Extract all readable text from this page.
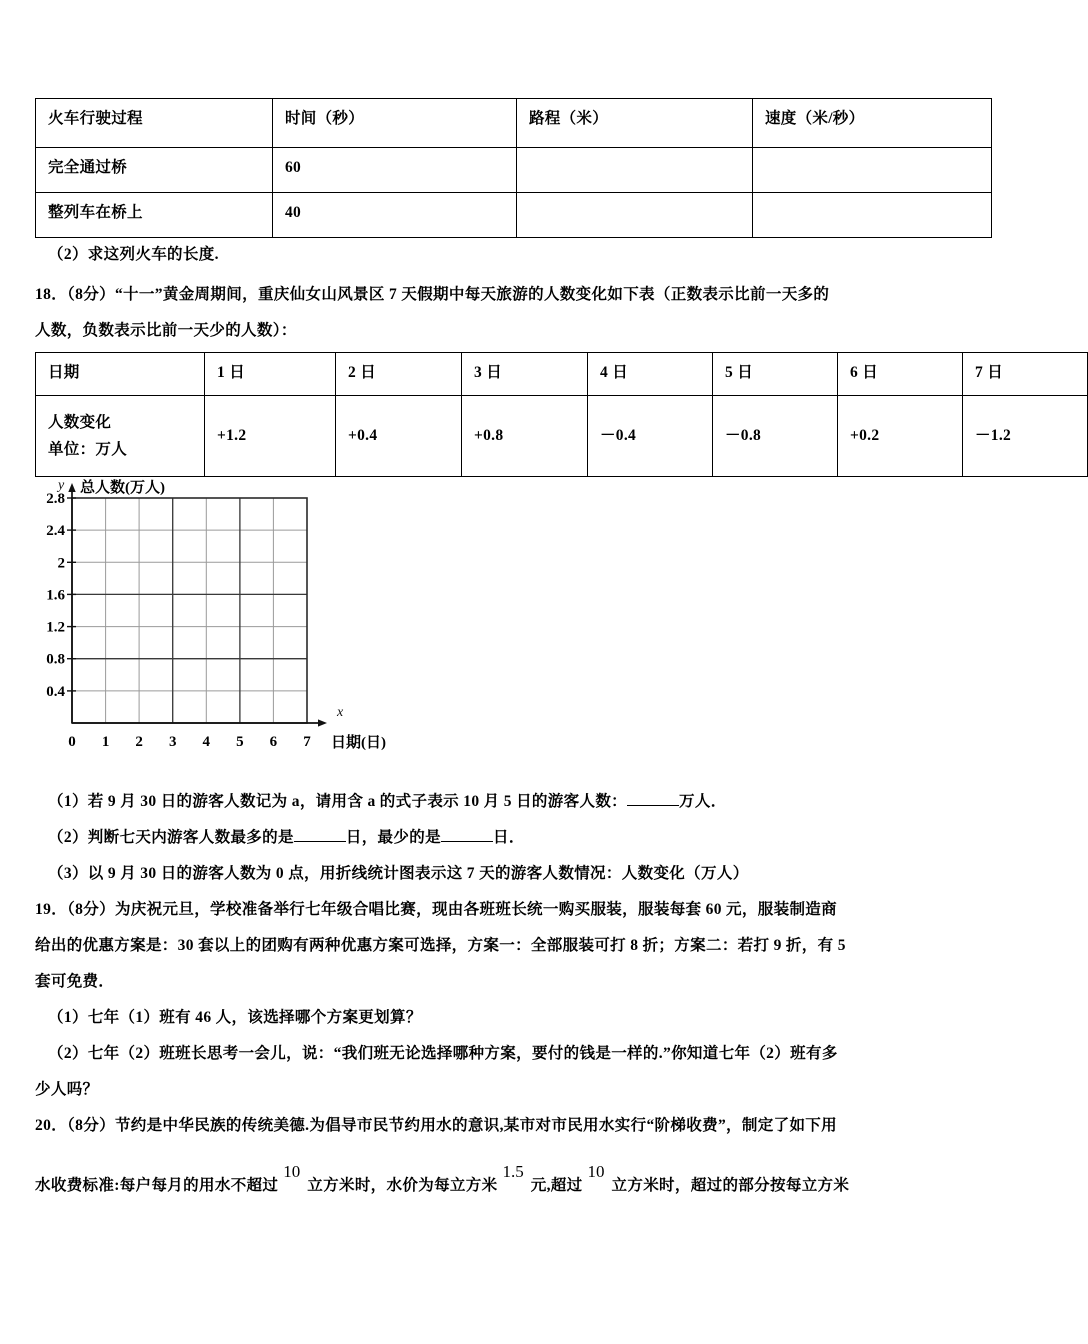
火车行驶过程	时间（秒）	路程（米）	速度（米/秒）
完全通过桥	60		
整列车在桥上	40		
（2）求这列火车的长度.
18．（8分）“十一”黄金周期间，重庆仙女山风景区 7 天假期中每天旅游的人数变化如下表（正数表示比前一天多的
人数，负数表示比前一天少的人数）：
日期	1 日	2 日	3 日	4 日	5 日	6 日	7 日

人数变化
单位：万人	+1.2	+0.4	+0.8	－0.4	－0.8	+0.2	－1.2
2.8
2.4
2
1.6
1.2
0.8
0.4
0 1 2 3 4 5 6 7
y 总人数(万人)
x
日期(日)
（1）若 9 月 30 日的游客人数记为 a，请用含 a 的式子表示 10 月 5 日的游客人数：	万人．
（2）判断七天内游客人数最多的是	日，最少的是	日．
（3）以 9 月 30 日的游客人数为 0 点，用折线统计图表示这 7 天的游客人数情况：人数变化（万人）
19．（8分）为庆祝元旦，学校准备举行七年级合唱比赛，现由各班班长统一购买服装，服装每套 60 元，服装制造商
给出的优惠方案是：30 套以上的团购有两种优惠方案可选择，方案一：全部服装可打 8 折；方案二：若打 9 折，有 5
套可免费．
（1）七年（1）班有 46 人，该选择哪个方案更划算？
（2）七年（2）班班长思考一会儿，说：“我们班无论选择哪种方案，要付的钱是一样的.”你知道七年（2）班有多
少人吗？
20．（8分）节约是中华民族的传统美德.为倡导市民节约用水的意识,某市对市民用水实行“阶梯收费”，制定了如下用
水收费标准:每户每月的用水不超过10立方米时，水价为每立方米1.5元,超过10立方米时，超过的部分按每立方米
